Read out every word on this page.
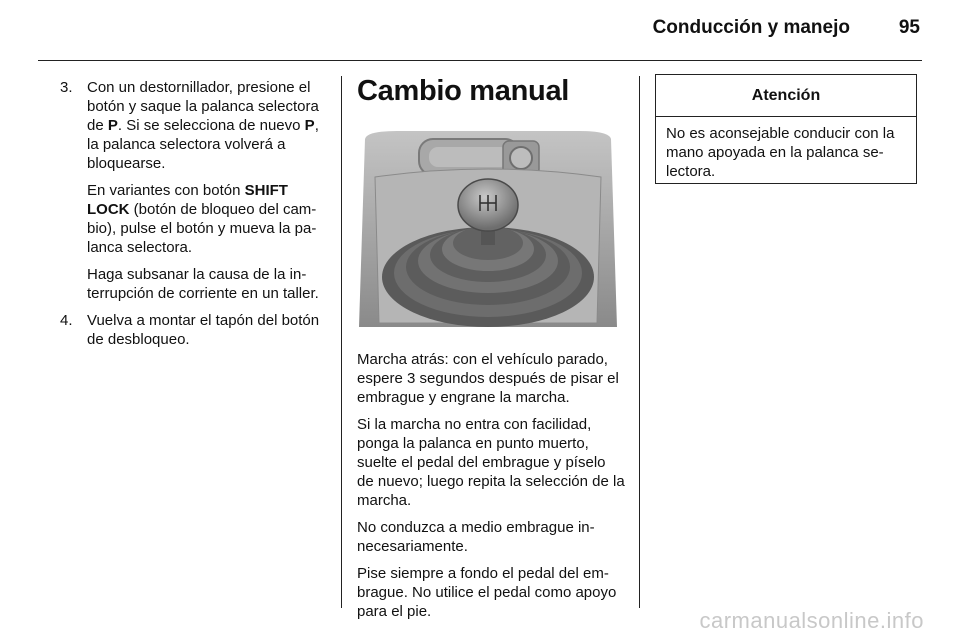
Conducción y manejo	95
3. Con un destornillador, presione el botón y saque la palanca selectora de P. Si se selecciona de nuevo P, la palanca selectora volverá a bloquearse.

En variantes con botón SHIFT LOCK (botón de bloqueo del cambio), pulse el botón y mueva la palanca selectora.

Haga subsanar la causa de la interrupción de corriente en un taller.

4. Vuelva a montar el tapón del botón de desbloqueo.

Cambio manual

Marcha atrás: con el vehículo parado, espere 3 segundos después de pisar el embrague y engrane la marcha.

Si la marcha no entra con facilidad, ponga la palanca en punto muerto, suelte el pedal del embrague y píselo de nuevo; luego repita la selección de la marcha.

No conduzca a medio embrague innecesariamente.

Pise siempre a fondo el pedal del embrague. No utilice el pedal como apoyo para el pie.

Atención
No es aconsejable conducir con la mano apoyada en la palanca selectora.
carmanualsonline.info
